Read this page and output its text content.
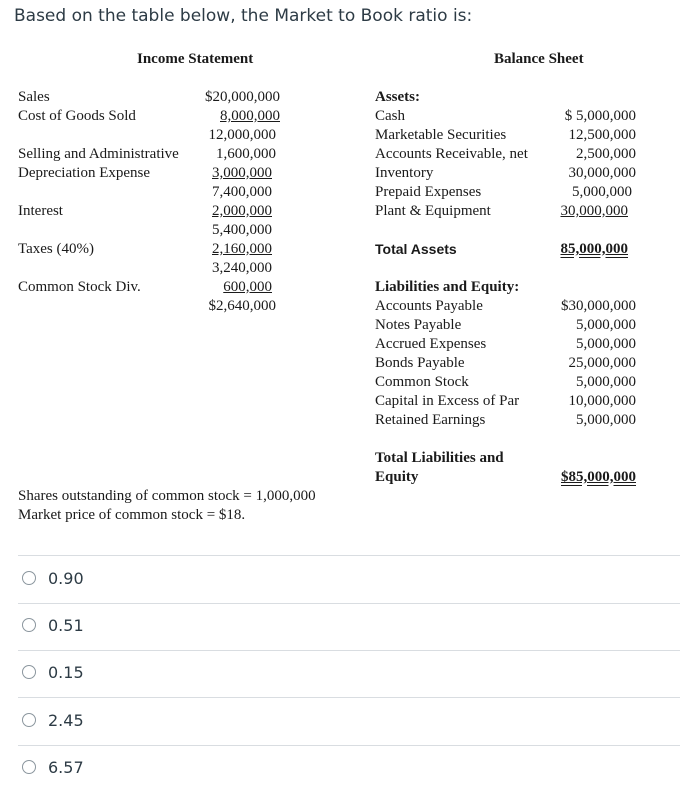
Based on the table below, the Market to Book ratio is:
Income Statement
Sales
Cost of Goods Sold
Selling and Administrative
Depreciation Expense
Interest
Taxes (40%)
Common Stock Div.
$20,000,000
8,000,000
12,000,000
1,600,000
3,000,000
7,400,000
2,000,000
5,400,000
2,160,000
3,240,000
600,000
$2,640,000
Balance Sheet
Assets:
Cash
Marketable Securities
Accounts Receivable, net
Inventory
Prepaid Expenses
Plant & Equipment
$ 5,000,000
12,500,000
2,500,000
30,000,000
5,000,000
30,000,000
Total Assets	85,000,000
Liabilities and Equity:
Accounts Payable
Notes Payable
Accrued Expenses
Bonds Payable
Common Stock
Capital in Excess of Par
Retained Earnings
$30,000,000
5,000,000
5,000,000
25,000,000
5,000,000
10,000,000
5,000,000
Total Liabilities and
Equity	$85,000,000
Shares outstanding of common stock = 1,000,000
Market price of common stock = $18.
0.90
0.51
0.15
2.45
6.57
